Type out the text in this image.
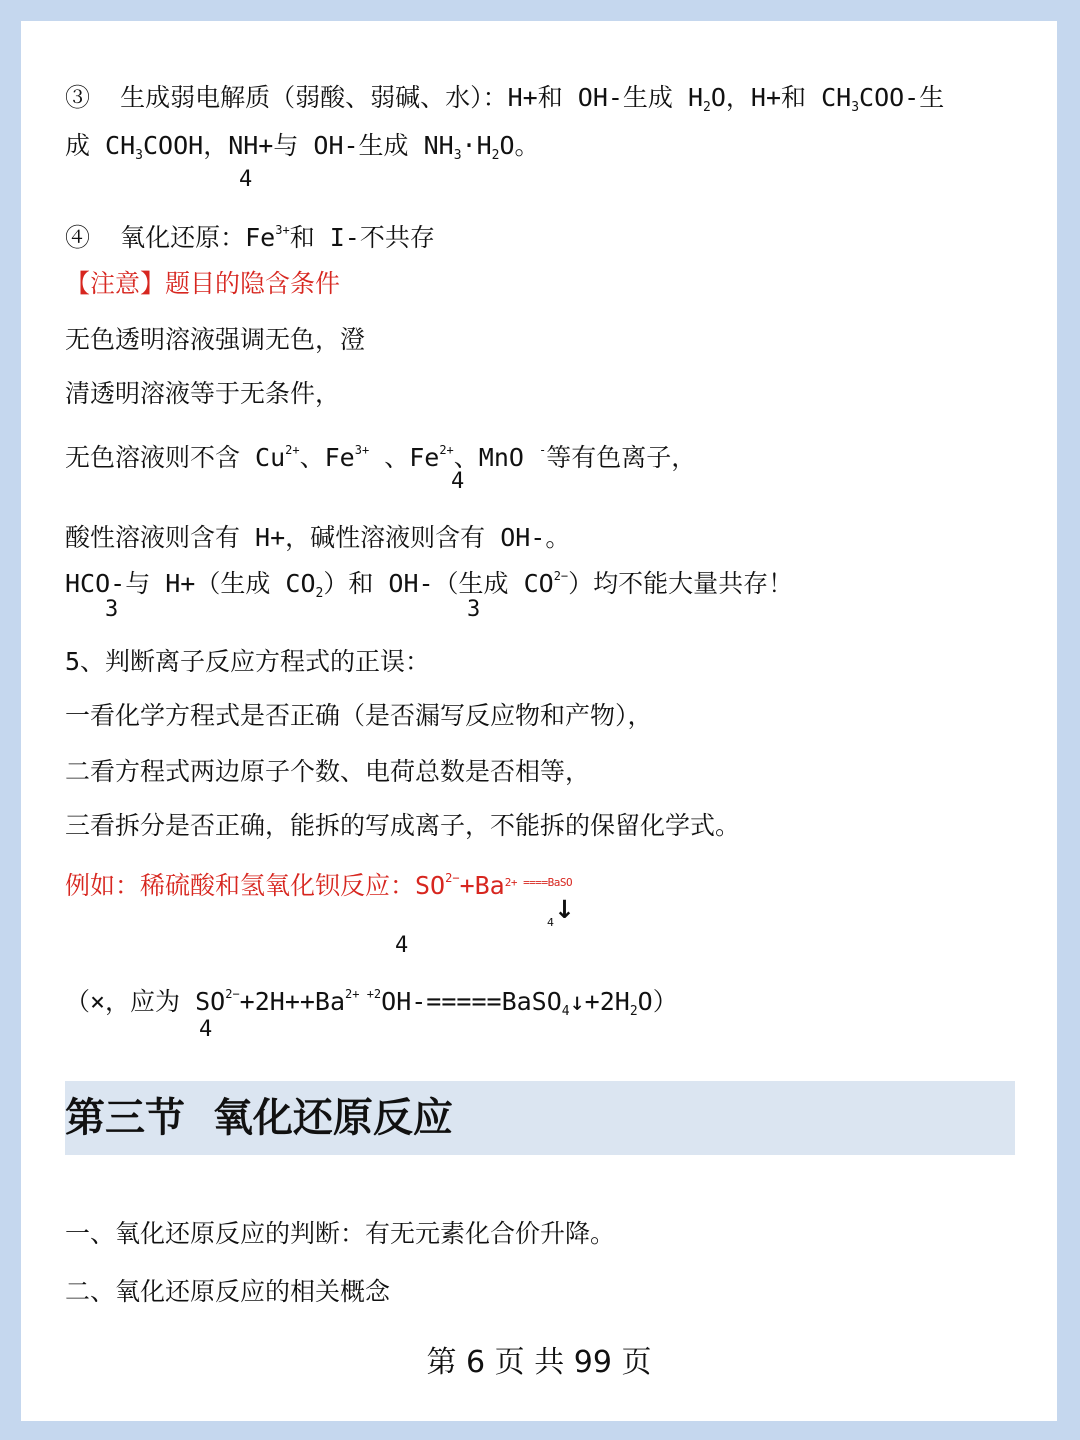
③ 生成弱电解质（弱酸、弱碱、水）：H+和 OH-生成 $H_2O$，H+和 $CH_3COO-$生
成 $CH_3COOH$，NH+与 OH-生成 $NH_3\cdot H_2O$。
4
④ 氧化还原：$Fe^{3+}$和 I-不共存
【注意】题目的隐含条件
无色透明溶液强调无色，澄
清透明溶液等于无条件，
无色溶液则不含 $Cu^{2+}$、$Fe^{3+}$ 、$Fe^{2+}$、MnO -等有色离子，
4
酸性溶液则含有 H+，碱性溶液则含有 OH-。
HCO-与 H+（生成 $CO_2$）和 OH-（生成 $CO^{2-}$）均不能大量共存！
3	3
5、判断离子反应方程式的正误：
一看化学方程式是否正确（是否漏写反应物和产物），
二看方程式两边原子个数、电荷总数是否相等，
三看拆分是否正确，能拆的写成离子，不能拆的保留化学式。
例如：稀硫酸和氢氧化钡反应：$SO^{2-}+Ba^{2+ ====BaSO}$
$_4$↓
4
（×，应为 $SO^{2-}+2H++Ba^{2+ +2}OH-=====BaSO_4↓+2H_2O$）
4
第三节  氧化还原反应
一、氧化还原反应的判断：有无元素化合价升降。
二、氧化还原反应的相关概念
第 6 页 共 99 页
